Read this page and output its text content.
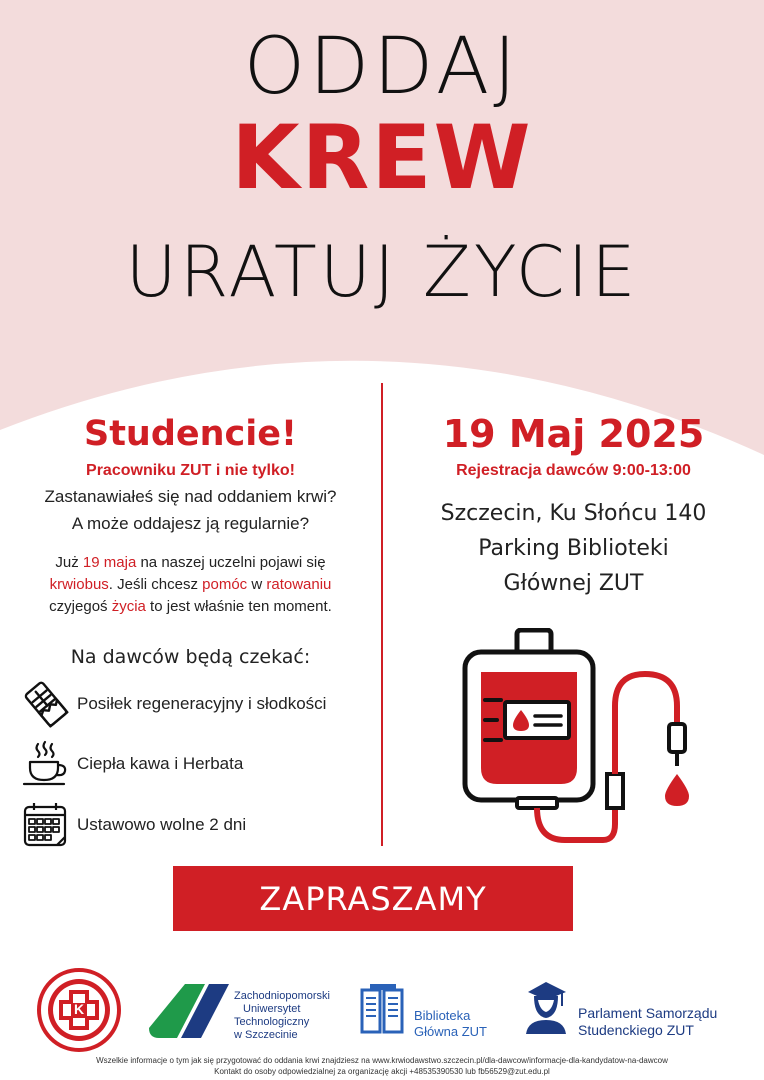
ODDAJ
KREW
URATUJ ŻYCIE
Studencie!
Pracowniku ZUT i nie tylko!
Zastanawiałeś się nad oddaniem krwi?
A może oddajesz ją regularnie?
Już 19 maja na naszej uczelni pojawi się
krwiobus. Jeśli chcesz pomóc w ratowaniu
czyjegoś życia to jest właśnie ten moment.
Na dawców będą czekać:
Posiłek regeneracyjny i słodkości
Ciepła kawa i Herbata
Ustawowo wolne 2 dni
19 Maj 2025
Rejestracja dawców 9:00-13:00
Szczecin, Ku Słońcu 140
Parking Biblioteki
Głównej ZUT
ZAPRASZAMY
K
Zachodniopomorski
Uniwersytet
Technologiczny
w Szczecinie
Biblioteka
Główna ZUT
Parlament Samorządu
Studenckiego ZUT
Wszelkie informacje o tym jak się przygotować do oddania krwi znajdziesz na www.krwiodawstwo.szczecin.pl/dla-dawcow/informacje-dla-kandydatow-na-dawcow
Kontakt do osoby odpowiedzialnej za organizację akcji +48535390530 lub fb56529@zut.edu.pl
